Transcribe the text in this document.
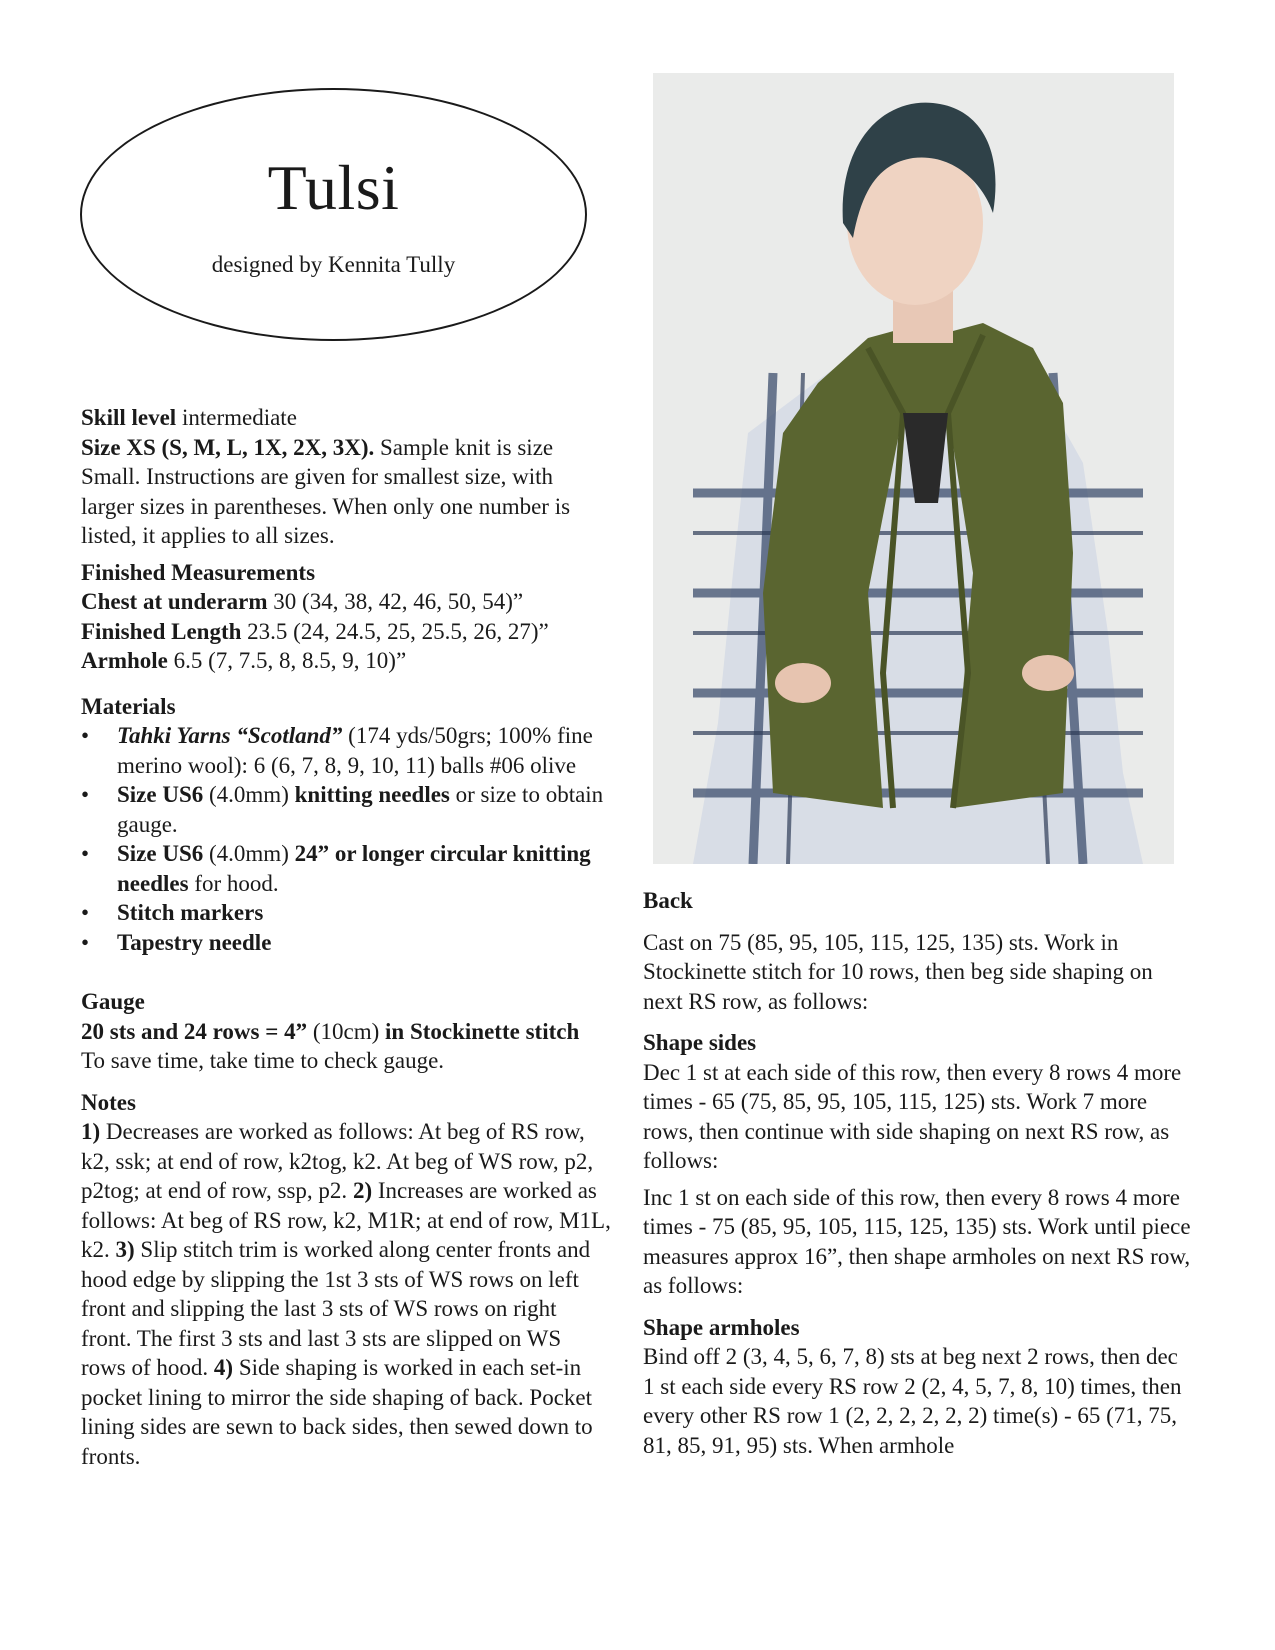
Tulsi
designed by Kennita Tully

Skill level intermediate

Size XS (S, M, L, 1X, 2X, 3X). Sample knit is size Small. Instructions are given for smallest size, with larger sizes in parentheses. When only one number is listed, it applies to all sizes.

Finished Measurements

Chest at underarm 30 (34, 38, 42, 46, 50, 54)”

Finished Length 23.5 (24, 24.5, 25, 25.5, 26, 27)”

Armhole 6.5 (7, 7.5, 8, 8.5, 9, 10)”

Materials

• Tahki Yarns “Scotland” (174 yds/50grs; 100% fine merino wool): 6 (6, 7, 8, 9, 10, 11) balls #06 olive
• Size US6 (4.0mm) knitting needles or size to obtain gauge.
• Size US6 (4.0mm) 24” or longer circular knitting needles for hood.
• Stitch markers
• Tapestry needle

Gauge

20 sts and 24 rows = 4” (10cm) in Stockinette stitch

To save time, take time to check gauge.

Notes

1) Decreases are worked as follows: At beg of RS row, k2, ssk; at end of row, k2tog, k2. At beg of WS row, p2, p2tog; at end of row, ssp, p2. 2) Increases are worked as follows: At beg of RS row, k2, M1R; at end of row, M1L, k2. 3) Slip stitch trim is worked along center fronts and hood edge by slipping the 1st 3 sts of WS rows on left front and slipping the last 3 sts of WS rows on right front. The first 3 sts and last 3 sts are slipped on WS rows of hood. 4) Side shaping is worked in each set-in pocket lining to mirror the side shaping of back. Pocket lining sides are sewn to back sides, then sewed down to fronts.

Back

Cast on 75 (85, 95, 105, 115, 125, 135) sts. Work in Stockinette stitch for 10 rows, then beg side shaping on next RS row, as follows:

Shape sides

Dec 1 st at each side of this row, then every 8 rows 4 more times - 65 (75, 85, 95, 105, 115, 125) sts. Work 7 more rows, then continue with side shaping on next RS row, as follows:

Inc 1 st on each side of this row, then every 8 rows 4 more times - 75 (85, 95, 105, 115, 125, 135) sts. Work until piece measures approx 16”, then shape armholes on next RS row, as follows:

Shape armholes

Bind off 2 (3, 4, 5, 6, 7, 8) sts at beg next 2 rows, then dec 1 st each side every RS row 2 (2, 4, 5, 7, 8, 10) times, then every other RS row 1 (2, 2, 2, 2, 2, 2) time(s) - 65 (71, 75, 81, 85, 91, 95) sts. When armhole
